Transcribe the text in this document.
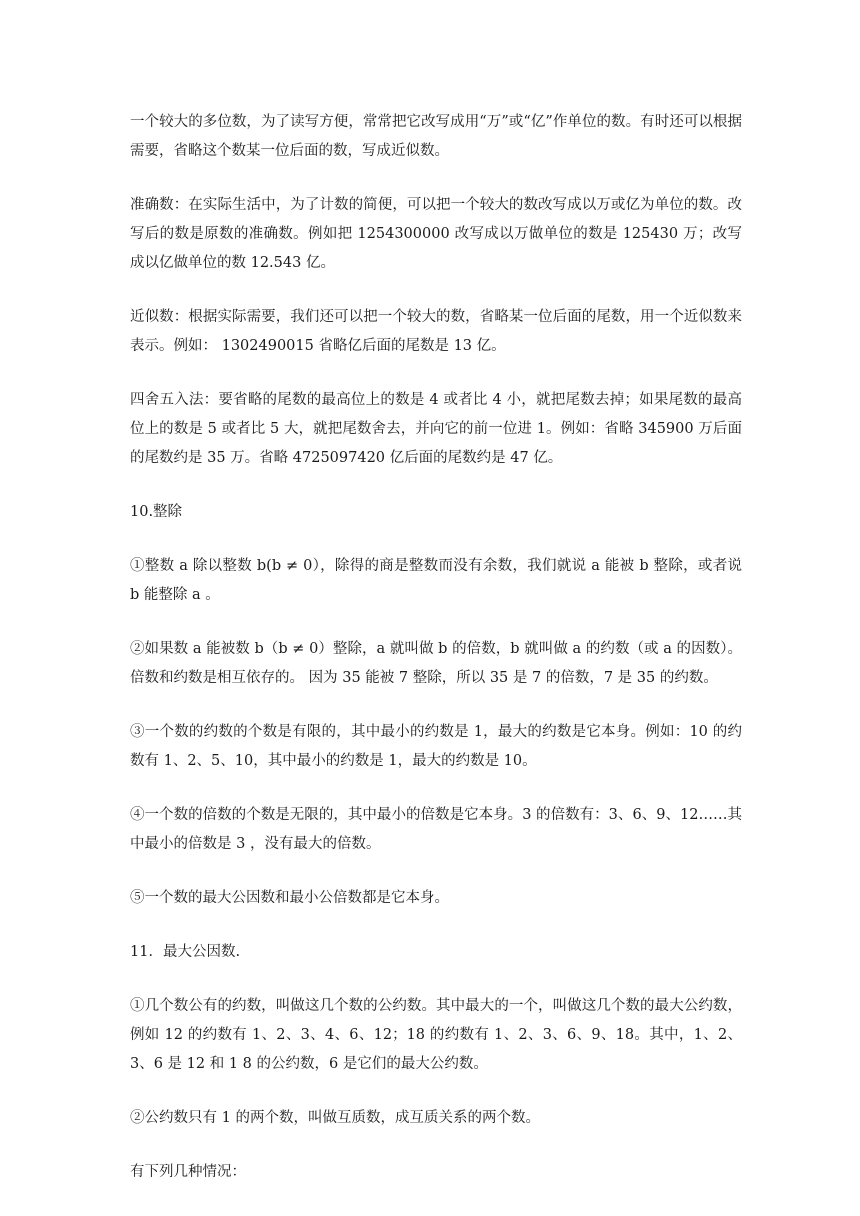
一个较大的多位数，为了读写方便，常常把它改写成用“万”或“亿”作单位的数。有时还可以根据需要，省略这个数某一位后面的数，写成近似数。

准确数：在实际生活中，为了计数的简便，可以把一个较大的数改写成以万或亿为单位的数。改写后的数是原数的准确数。例如把 1254300000 改写成以万做单位的数是 125430 万；改写成以亿做单位的数 12.543 亿。

近似数：根据实际需要，我们还可以把一个较大的数，省略某一位后面的尾数，用一个近似数来表示。例如： 1302490015 省略亿后面的尾数是 13 亿。

四舍五入法：要省略的尾数的最高位上的数是 4 或者比 4 小，就把尾数去掉；如果尾数的最高位上的数是 5 或者比 5 大，就把尾数舍去，并向它的前一位进 1。例如：省略 345900 万后面的尾数约是 35 万。省略 4725097420 亿后面的尾数约是 47 亿。

10.整除

①整数 a 除以整数 b(b ≠ 0），除得的商是整数而没有余数，我们就说 a 能被 b 整除，或者说 b 能整除 a 。

②如果数 a 能被数 b（b ≠ 0）整除，a 就叫做 b 的倍数，b 就叫做 a 的约数（或 a 的因数）。倍数和约数是相互依存的。 因为 35 能被 7 整除，所以 35 是 7 的倍数，7 是 35 的约数。

③一个数的约数的个数是有限的，其中最小的约数是 1，最大的约数是它本身。例如：10 的约数有 1、2、5、10，其中最小的约数是 1，最大的约数是 10。

④一个数的倍数的个数是无限的，其中最小的倍数是它本身。3 的倍数有：3、6、9、12……其中最小的倍数是 3 ，没有最大的倍数。

⑤一个数的最大公因数和最小公倍数都是它本身。

11．最大公因数.

①几个数公有的约数，叫做这几个数的公约数。其中最大的一个，叫做这几个数的最大公约数，例如 12 的约数有 1、2、3、4、6、12；18 的约数有 1、2、3、6、9、18。其中，1、2、3、6 是 12 和 1 8 的公约数，6 是它们的最大公约数。

②公约数只有 1 的两个数，叫做互质数，成互质关系的两个数。

有下列几种情况：
